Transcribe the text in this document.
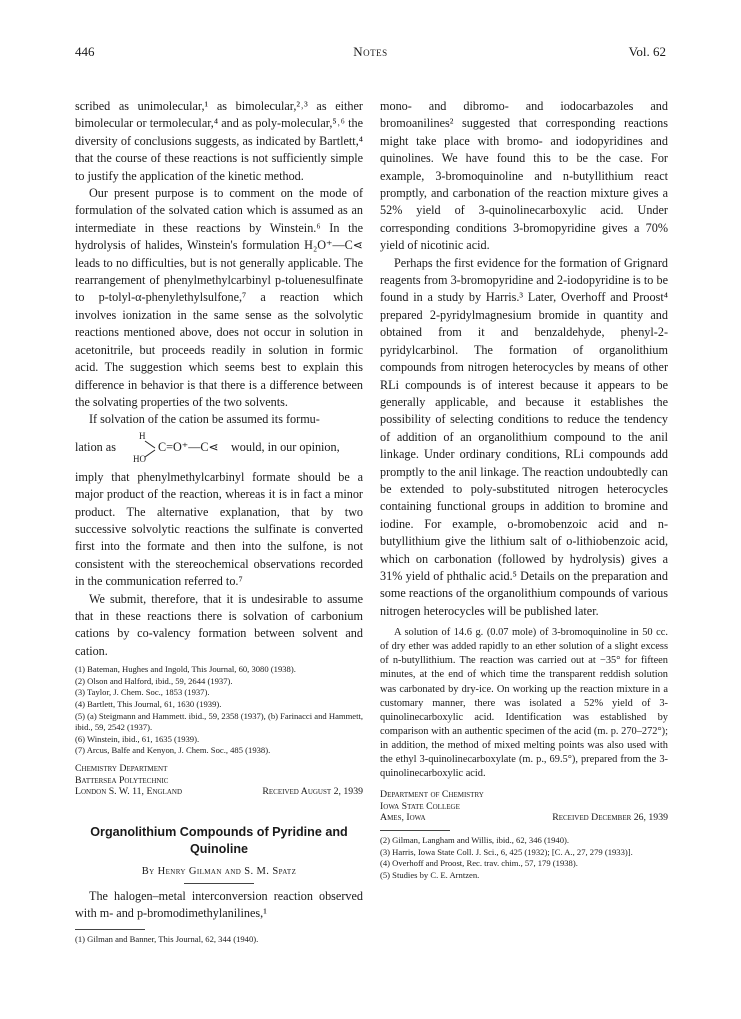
446	Notes	Vol. 62

scribed as unimolecular,¹ as bimolecular,²˒³ as either bimolecular or termolecular,⁴ and as poly-molecular,⁵˒⁶ the diversity of conclusions suggests, as indicated by Bartlett,⁴ that the course of these reactions is not sufficiently simple to justify the application of the kinetic method.

Our present purpose is to comment on the mode of formulation of the solvated cation which is assumed as an intermediate in these reactions by Winstein.⁶ In the hydrolysis of halides, Winstein's formulation H₂O⁺—C⋖ leads to no difficulties, but is not generally applicable. The rearrangement of phenylmethylcarbinyl p-toluenesulfinate to p-tolyl-α-phenylethylsulfone,⁷ a reaction which involves ionization in the same sense as the solvolytic reactions mentioned above, does not occur in solution in acetonitrile, but proceeds readily in solution in formic acid. The suggestion which seems best to explain this difference in behavior is that there is a difference between the solvating properties of the two solvents.

If solvation of the cation be assumed its formu-

lation as
H
HO
C=O⁺—C⋖ would, in our opinion,

imply that phenylmethylcarbinyl formate should be a major product of the reaction, whereas it is in fact a minor product. The alternative explanation, that by two successive solvolytic reactions the sulfinate is converted first into the formate and then into the sulfone, is not consistent with the stereochemical observations recorded in the communication referred to.⁷

We submit, therefore, that it is undesirable to assume that in these reactions there is solvation of carbonium cations by co-valency formation between solvent and cation.

(1) Bateman, Hughes and Ingold, This Journal, 60, 3080 (1938).
(2) Olson and Halford, ibid., 59, 2644 (1937).
(3) Taylor, J. Chem. Soc., 1853 (1937).
(4) Bartlett, This Journal, 61, 1630 (1939).
(5) (a) Steigmann and Hammett. ibid., 59, 2358 (1937), (b) Farinacci and Hammett, ibid., 59, 2542 (1937).
(6) Winstein, ibid., 61, 1635 (1939).
(7) Arcus, Balfe and Kenyon, J. Chem. Soc., 485 (1938).
Chemistry Department
Battersea Polytechnic
London S. W. 11, England	Received August 2, 1939
Organolithium Compounds of Pyridine and Quinoline
By Henry Gilman and S. M. Spatz

The halogen–metal interconversion reaction observed with m- and p-bromodimethylanilines,¹

(1) Gilman and Banner, This Journal, 62, 344 (1940).

mono- and dibromo- and iodocarbazoles and bromoanilines² suggested that corresponding reactions might take place with bromo- and iodopyridines and quinolines. We have found this to be the case. For example, 3-bromoquinoline and n-butyllithium react promptly, and carbonation of the reaction mixture gives a 52% yield of 3-quinolinecarboxylic acid. Under corresponding conditions 3-bromopyridine gives a 70% yield of nicotinic acid.

Perhaps the first evidence for the formation of Grignard reagents from 3-bromopyridine and 2-iodopyridine is to be found in a study by Harris.³ Later, Overhoff and Proost⁴ prepared 2-pyridylmagnesium bromide in quantity and obtained from it and benzaldehyde, phenyl-2-pyridylcarbinol. The formation of organolithium compounds from nitrogen heterocycles by means of other RLi compounds is of interest because it appears to be generally applicable, and because it establishes the possibility of selecting conditions to reduce the tendency of addition of an organolithium compound to the anil linkage. Under ordinary conditions, RLi compounds add promptly to the anil linkage. The reaction undoubtedly can be extended to poly-substituted nitrogen heterocycles containing functional groups in addition to bromine and iodine. For example, o-bromobenzoic acid and n-butyllithium give the lithium salt of o-lithiobenzoic acid, which on carbonation (followed by hydrolysis) gives a 31% yield of phthalic acid.⁵ Details on the preparation and some reactions of the organolithium compounds of various nitrogen heterocycles will be published later.

A solution of 14.6 g. (0.07 mole) of 3-bromoquinoline in 50 cc. of dry ether was added rapidly to an ether solution of a slight excess of n-butyllithium. The reaction was carried out at −35° for fifteen minutes, at the end of which time the transparent reddish solution was carbonated by dry-ice. On working up the reaction mixture in a customary manner, there was isolated a 52% yield of 3-quinolinecarboxylic acid. Identification was established by comparison with an authentic specimen of the acid (m. p. 270–272°); in addition, the method of mixed melting points was also used with the ethyl 3-quinolinecarboxylate (m. p., 69.5°), prepared from the 3-quinolinecarboxylic acid.
Department of Chemistry
Iowa State College
Ames, Iowa	Received December 26, 1939
(2) Gilman, Langham and Willis, ibid., 62, 346 (1940).
(3) Harris, Iowa State Coll. J. Sci., 6, 425 (1932); [C. A., 27, 279 (1933)].
(4) Overhoff and Proost, Rec. trav. chim., 57, 179 (1938).
(5) Studies by C. E. Arntzen.
